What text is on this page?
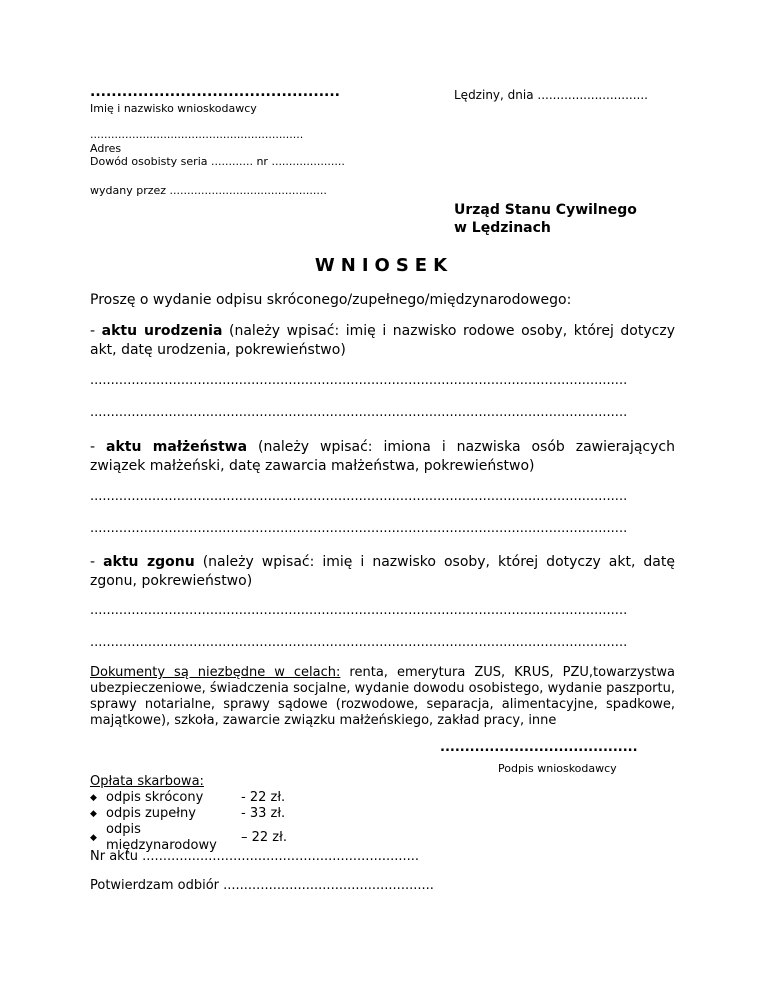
...............................................
Imię i nazwisko wnioskodawcy
.............................................................
Adres
Dowód osobisty seria ............ nr .....................
wydany przez .............................................
Lędziny, dnia .............................
Urząd Stanu Cywilnego
w Lędzinach
WNIOSEK
Proszę o wydanie odpisu skróconego/zupełnego/międzynarodowego:
- aktu urodzenia (należy wpisać: imię i nazwisko rodowe osoby, której dotyczy akt, datę urodzenia, pokrewieństwo)
..................................................................................................................................
..................................................................................................................................
- aktu małżeństwa (należy wpisać: imiona i nazwiska osób zawierających związek małżeński, datę zawarcia małżeństwa, pokrewieństwo)
..................................................................................................................................
..................................................................................................................................
- aktu zgonu (należy wpisać: imię i nazwisko osoby, której dotyczy akt, datę zgonu, pokrewieństwo)
..................................................................................................................................
..................................................................................................................................
Dokumenty są niezbędne w celach: renta, emerytura ZUS, KRUS, PZU,towarzystwa ubezpieczeniowe, świadczenia socjalne, wydanie dowodu osobistego, wydanie paszportu, sprawy notarialne, sprawy sądowe (rozwodowe, separacja, alimentacyjne, spadkowe, majątkowe), szkoła, zawarcie związku małżeńskiego, zakład pracy, inne
........................................
Podpis wnioskodawcy
Opłata skarbowa:
◆ odpis skrócony	- 22 zł.
◆ odpis zupełny	- 33 zł.
◆
odpis międzynarodowy
– 22 zł.
Nr aktu ...................................................................
Potwierdzam odbiór ...................................................
